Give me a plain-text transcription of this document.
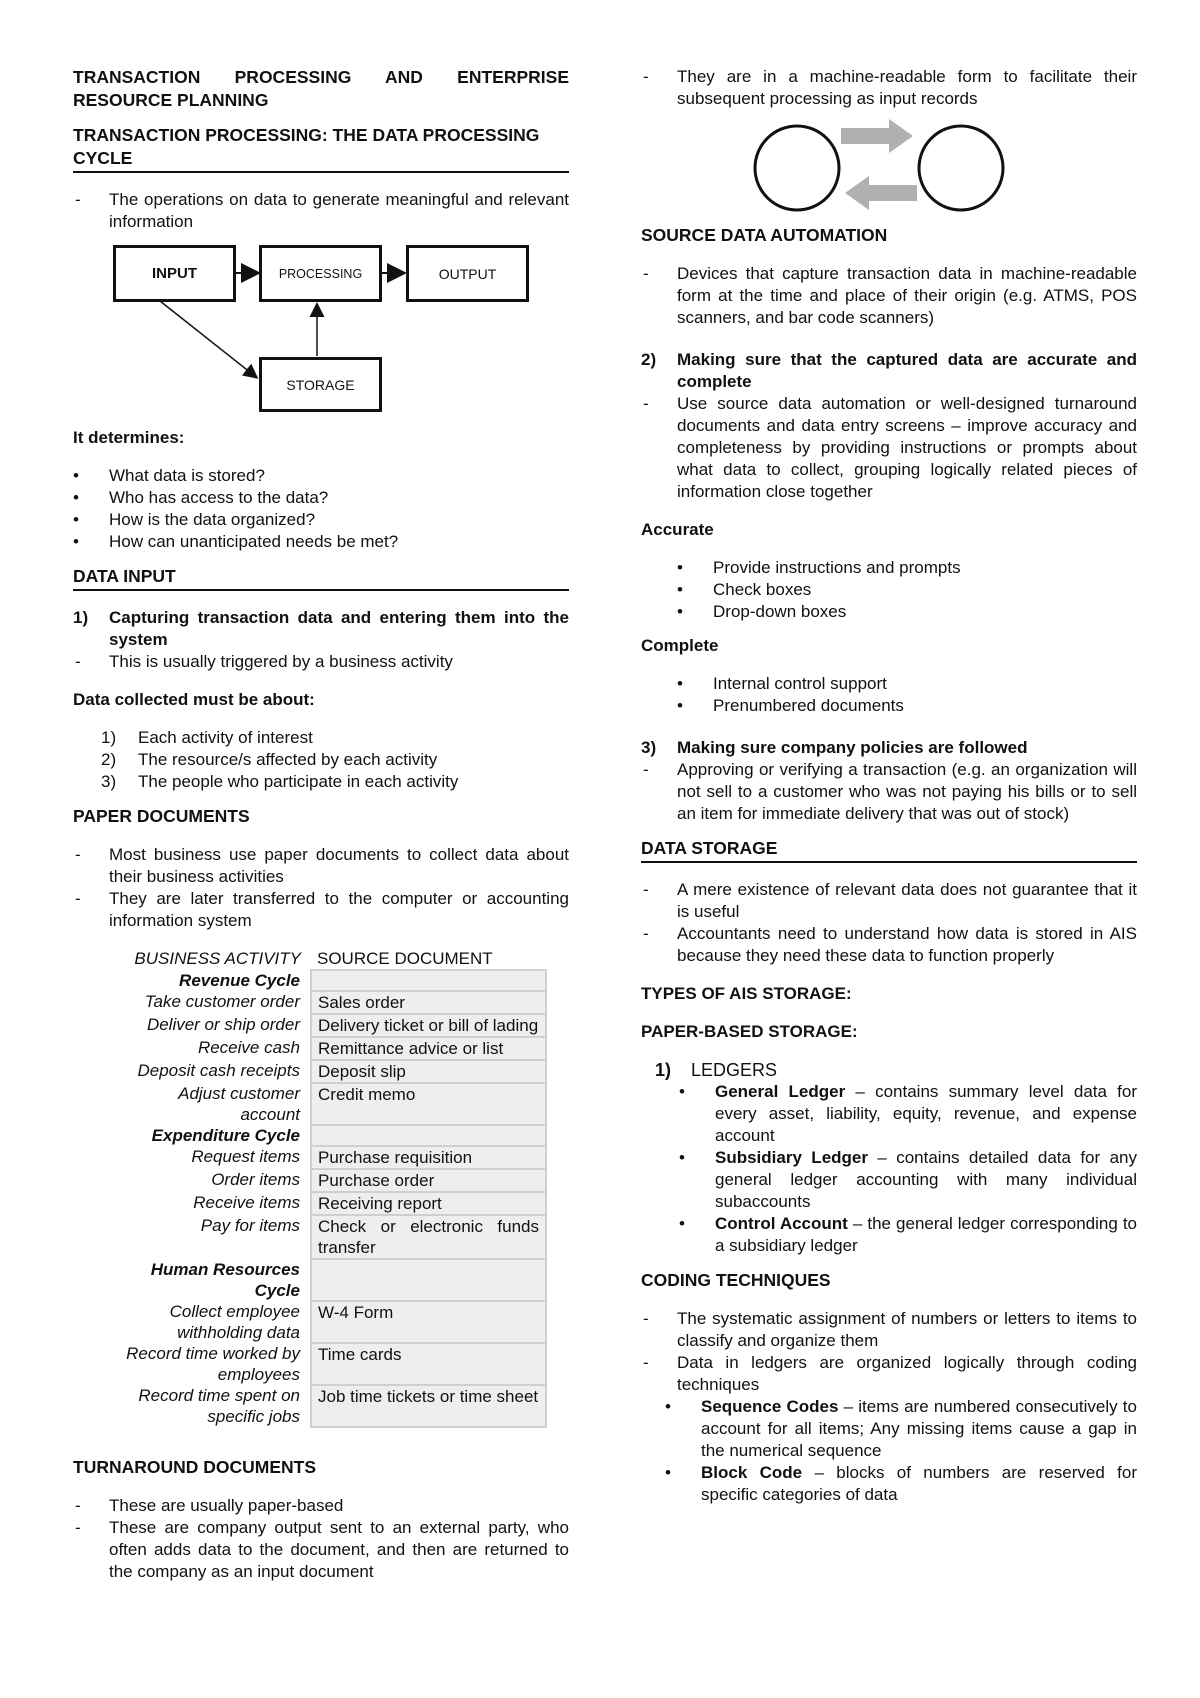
TRANSACTION PROCESSING AND ENTERPRISE RESOURCE PLANNING
TRANSACTION PROCESSING: THE DATA PROCESSING CYCLE

- The operations on data to generate meaningful and relevant information

INPUT	PROCESSING	OUTPUT
STORAGE

It determines:

• What data is stored?

• Who has access to the data?

• How is the data organized?

• How can unanticipated needs be met?

DATA INPUT

1) Capturing transaction data and entering them into the system

- This is usually triggered by a business activity

Data collected must be about:

1) Each activity of interest

2) The resource/s affected by each activity

3) The people who participate in each activity

PAPER DOCUMENTS

- Most business use paper documents to collect data about their business activities

- They are later transferred to the computer or accounting information system

BUSINESS ACTIVITY	SOURCE DOCUMENT
Revenue Cycle	
Take customer order	Sales order
Deliver or ship order	Delivery ticket or bill of lading
Receive cash	Remittance advice or list
Deposit cash receipts	Deposit slip
Adjust customer account	Credit memo
Expenditure Cycle	
Request items	Purchase requisition
Order items	Purchase order
Receive items	Receiving report
Pay for items	Check or electronic funds transfer
Human Resources Cycle	
Collect employee withholding data	W-4 Form
Record time worked by employees	Time cards
Record time spent on specific jobs	Job time tickets or time sheet
TURNAROUND DOCUMENTS

- These are usually paper-based

- These are company output sent to an external party, who often adds data to the document, and then are returned to the company as an input document

- They are in a machine-readable form to facilitate their subsequent processing as input records

SOURCE DATA AUTOMATION

- Devices that capture transaction data in machine-readable form at the time and place of their origin (e.g. ATMS, POS scanners, and bar code scanners)

2) Making sure that the captured data are accurate and complete

- Use source data automation or well-designed turnaround documents and data entry screens – improve accuracy and completeness by providing instructions or prompts about what data to collect, grouping logically related pieces of information close together

Accurate

• Provide instructions and prompts

• Check boxes

• Drop-down boxes

Complete

• Internal control support

• Prenumbered documents

3) Making sure company policies are followed

- Approving or verifying a transaction (e.g. an organization will not sell to a customer who was not paying his bills or to sell an item for immediate delivery that was out of stock)

DATA STORAGE

- A mere existence of relevant data does not guarantee that it is useful

- Accountants need to understand how data is stored in AIS because they need these data to function properly

TYPES OF AIS STORAGE:

PAPER-BASED STORAGE:

1) LEDGERS

• General Ledger – contains summary level data for every asset, liability, equity, revenue, and expense account

• Subsidiary Ledger – contains detailed data for any general ledger accounting with many individual subaccounts

• Control Account – the general ledger corresponding to a subsidiary ledger

CODING TECHNIQUES

- The systematic assignment of numbers or letters to items to classify and organize them

- Data in ledgers are organized logically through coding techniques

• Sequence Codes – items are numbered consecutively to account for all items; Any missing items cause a gap in the numerical sequence

• Block Code – blocks of numbers are reserved for specific categories of data
